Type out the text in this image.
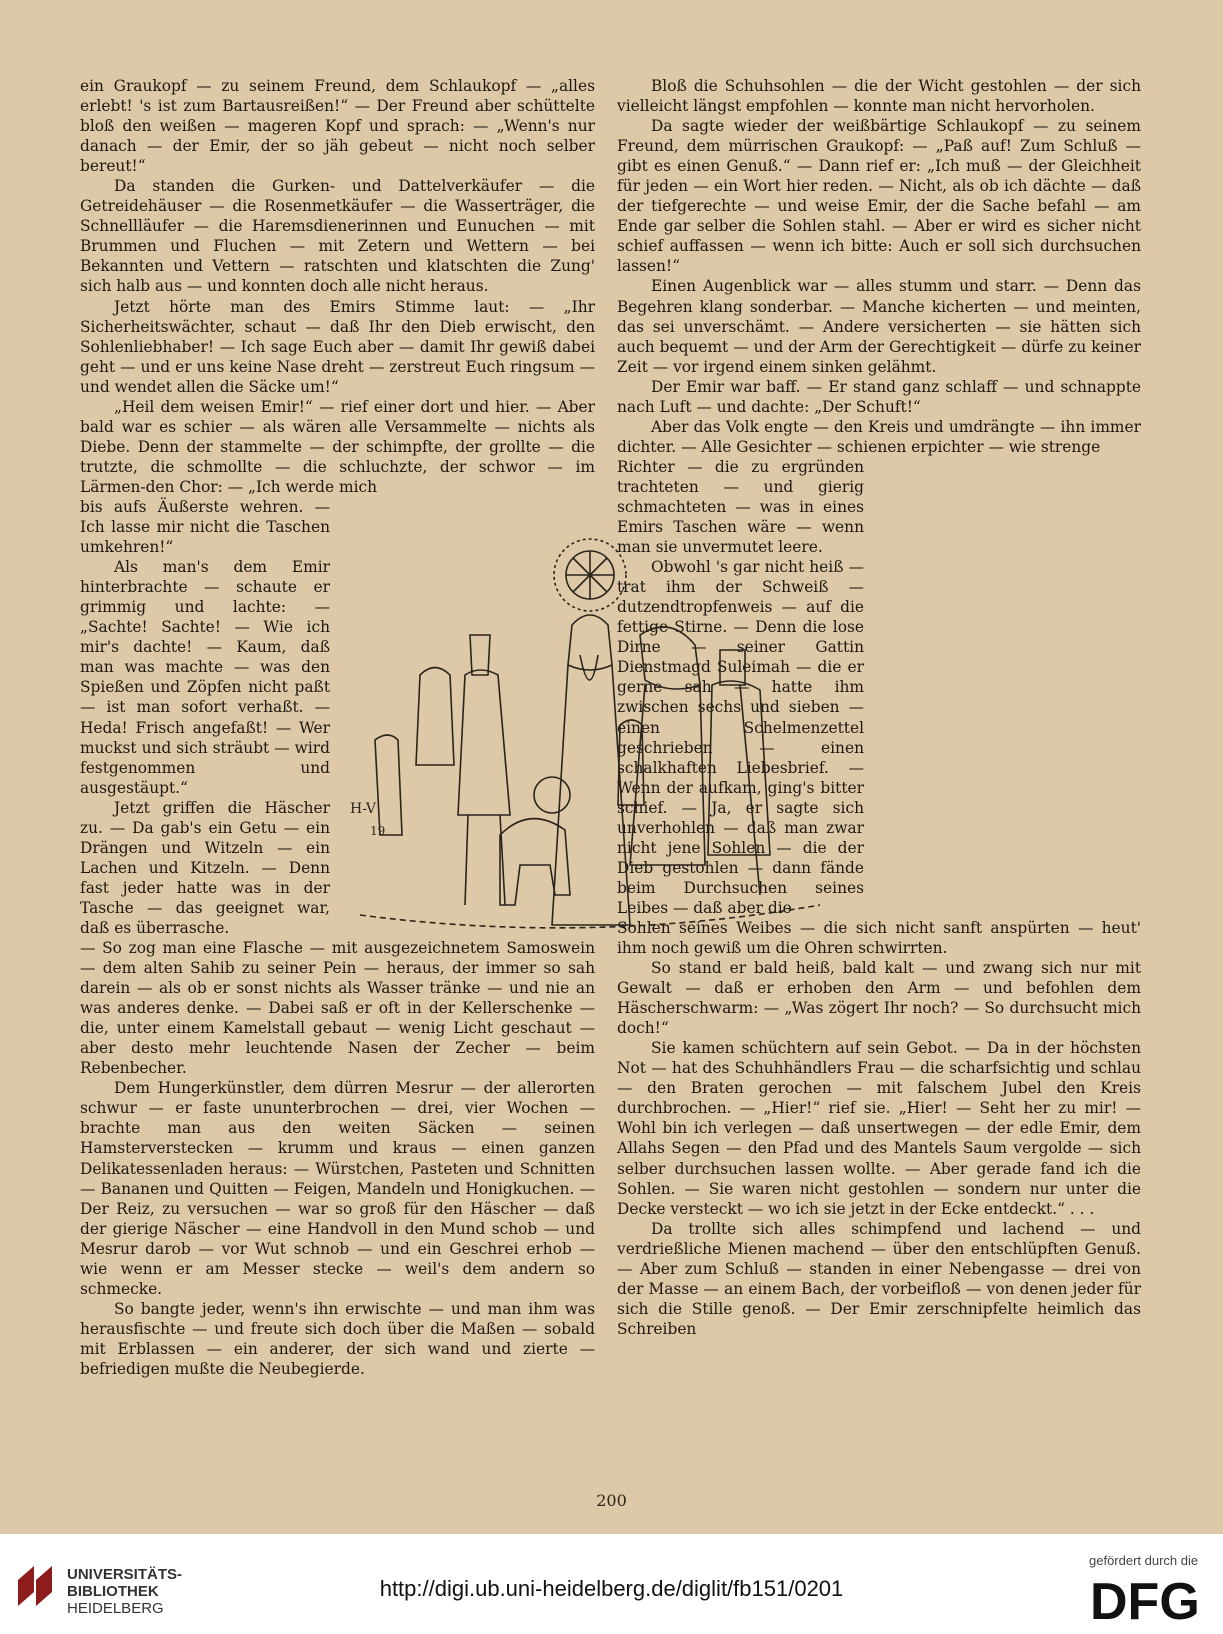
ein Graukopf — zu seinem Freund, dem Schlaukopf — „alles erlebt! 's ist zum Bartausreißen!“ — Der Freund aber schüttelte bloß den weißen — mageren Kopf und sprach: — „Wenn's nur danach — der Emir, der so jäh gebeut — nicht noch selber bereut!“

Da standen die Gurken- und Dattelverkäufer — die Getreidehäuser — die Rosenmetkäufer — die Wasserträger, die Schnellläufer — die Haremsdienerinnen und Eunuchen — mit Brummen und Fluchen — mit Zetern und Wettern — bei Bekannten und Vettern — ratschten und klatschten die Zung' sich halb aus — und konnten doch alle nicht heraus.

Jetzt hörte man des Emirs Stimme laut: — „Ihr Sicherheitswächter, schaut — daß Ihr den Dieb erwischt, den Sohlenliebhaber! — Ich sage Euch aber — damit Ihr gewiß dabei geht — und er uns keine Nase dreht — zerstreut Euch ringsum — und wendet allen die Säcke um!“

„Heil dem weisen Emir!“ — rief einer dort und hier. — Aber bald war es schier — als wären alle Versammelte — nichts als Diebe. Denn der stammelte — der schimpfte, der grollte — die trutzte, die schmollte — die schluchzte, der schwor — im Lärmen-den Chor: — „Ich werde mich

bis aufs Äußerste wehren. — Ich lasse mir nicht die Taschen umkehren!“

Als man's dem Emir hinterbrachte — schaute er grimmig und lachte: — „Sachte! Sachte! — Wie ich mir's dachte! — Kaum, daß man was machte — was den Spießen und Zöpfen nicht paßt — ist man sofort verhaßt. — Heda! Frisch angefaßt! — Wer muckst und sich sträubt — wird festgenommen und ausgestäupt.“

Jetzt griffen die Häscher zu. — Da gab's ein Getu — ein Drängen und Witzeln — ein Lachen und Kitzeln. — Denn fast jeder hatte was in der Tasche — das geeignet war, daß es überrasche.

— So zog man eine Flasche — mit ausgezeichnetem Samoswein — dem alten Sahib zu seiner Pein — heraus, der immer so sah darein — als ob er sonst nichts als Wasser tränke — und nie an was anderes denke. — Dabei saß er oft in der Kellerschenke — die, unter einem Kamelstall gebaut — wenig Licht geschaut — aber desto mehr leuchtende Nasen der Zecher — beim Rebenbecher.

Dem Hungerkünstler, dem dürren Mesrur — der allerorten schwur — er faste ununterbrochen — drei, vier Wochen — brachte man aus den weiten Säcken — seinen Hamsterverstecken — krumm und kraus — einen ganzen Delikatessenladen heraus: — Würstchen, Pasteten und Schnitten — Bananen und Quitten — Feigen, Mandeln und Honigkuchen. — Der Reiz, zu versuchen — war so groß für den Häscher — daß der gierige Näscher — eine Handvoll in den Mund schob — und Mesrur darob — vor Wut schnob — und ein Geschrei erhob — wie wenn er am Messer stecke — weil's dem andern so schmecke.

So bangte jeder, wenn's ihn erwischte — und man ihm was herausfischte — und freute sich doch über die Maßen — sobald mit Erblassen — ein anderer, der sich wand und zierte — befriedigen mußte die Neubegierde.

Bloß die Schuhsohlen — die der Wicht gestohlen — der sich vielleicht längst empfohlen — konnte man nicht hervorholen.

Da sagte wieder der weißbärtige Schlaukopf — zu seinem Freund, dem mürrischen Graukopf: — „Paß auf! Zum Schluß — gibt es einen Genuß.“ — Dann rief er: „Ich muß — der Gleichheit für jeden — ein Wort hier reden. — Nicht, als ob ich dächte — daß der tiefgerechte — und weise Emir, der die Sache befahl — am Ende gar selber die Sohlen stahl. — Aber er wird es sicher nicht schief auffassen — wenn ich bitte: Auch er soll sich durchsuchen lassen!“

Einen Augenblick war — alles stumm und starr. — Denn das Begehren klang sonderbar. — Manche kicherten — und meinten, das sei unverschämt. — Andere versicherten — sie hätten sich auch bequemt — und der Arm der Gerechtigkeit — dürfe zu keiner Zeit — vor irgend einem sinken gelähmt.

Der Emir war baff. — Er stand ganz schlaff — und schnappte nach Luft — und dachte: „Der Schuft!“

Aber das Volk engte — den Kreis und umdrängte — ihn immer dichter. — Alle Gesichter — schienen erpichter — wie strenge

Richter — die zu ergründen trachteten — und gierig schmachteten — was in eines Emirs Taschen wäre — wenn man sie unvermutet leere.

Obwohl 's gar nicht heiß — trat ihm der Schweiß — dutzendtropfenweis — auf die fettige Stirne. — Denn die lose Dirne — seiner Gattin Dienstmagd Suleimah — die er gerne sah — hatte ihm zwischen sechs und sieben — einen Schelmenzettel geschrieben — einen schalkhaften Liebesbrief. — Wenn der aufkam, ging's bitter schief. — Ja, er sagte sich unverhohlen — daß man zwar nicht jene Sohlen — die der Dieb gestohlen — dann fände beim Durchsuchen seines Leibes — daß aber die

Sohlen seines Weibes — die sich nicht sanft anspürten — heut' ihm noch gewiß um die Ohren schwirrten.

So stand er bald heiß, bald kalt — und zwang sich nur mit Gewalt — daß er erhoben den Arm — und befohlen dem Häscherschwarm: — „Was zögert Ihr noch? — So durchsucht mich doch!“

Sie kamen schüchtern auf sein Gebot. — Da in der höchsten Not — hat des Schuhhändlers Frau — die scharfsichtig und schlau — den Braten gerochen — mit falschem Jubel den Kreis durchbrochen. — „Hier!“ rief sie. „Hier! — Seht her zu mir! — Wohl bin ich verlegen — daß unsertwegen — der edle Emir, dem Allahs Segen — den Pfad und des Mantels Saum vergolde — sich selber durchsuchen lassen wollte. — Aber gerade fand ich die Sohlen. — Sie waren nicht gestohlen — sondern nur unter die Decke versteckt — wo ich sie jetzt in der Ecke entdeckt.“ . . .

Da trollte sich alles schimpfend und lachend — und verdrießliche Mienen machend — über den entschlüpften Genuß. — Aber zum Schluß — standen in einer Nebengasse — drei von der Masse — an einem Bach, der vorbeifloß — von denen jeder für sich die Stille genoß. — Der Emir zerschnipfelte heimlich das Schreiben

H-V
19
200
UNIVERSITÄTS-
BIBLIOTHEK
HEIDELBERG
http://digi.ub.uni-heidelberg.de/diglit/fb151/0201
gefördert durch die
DFG
